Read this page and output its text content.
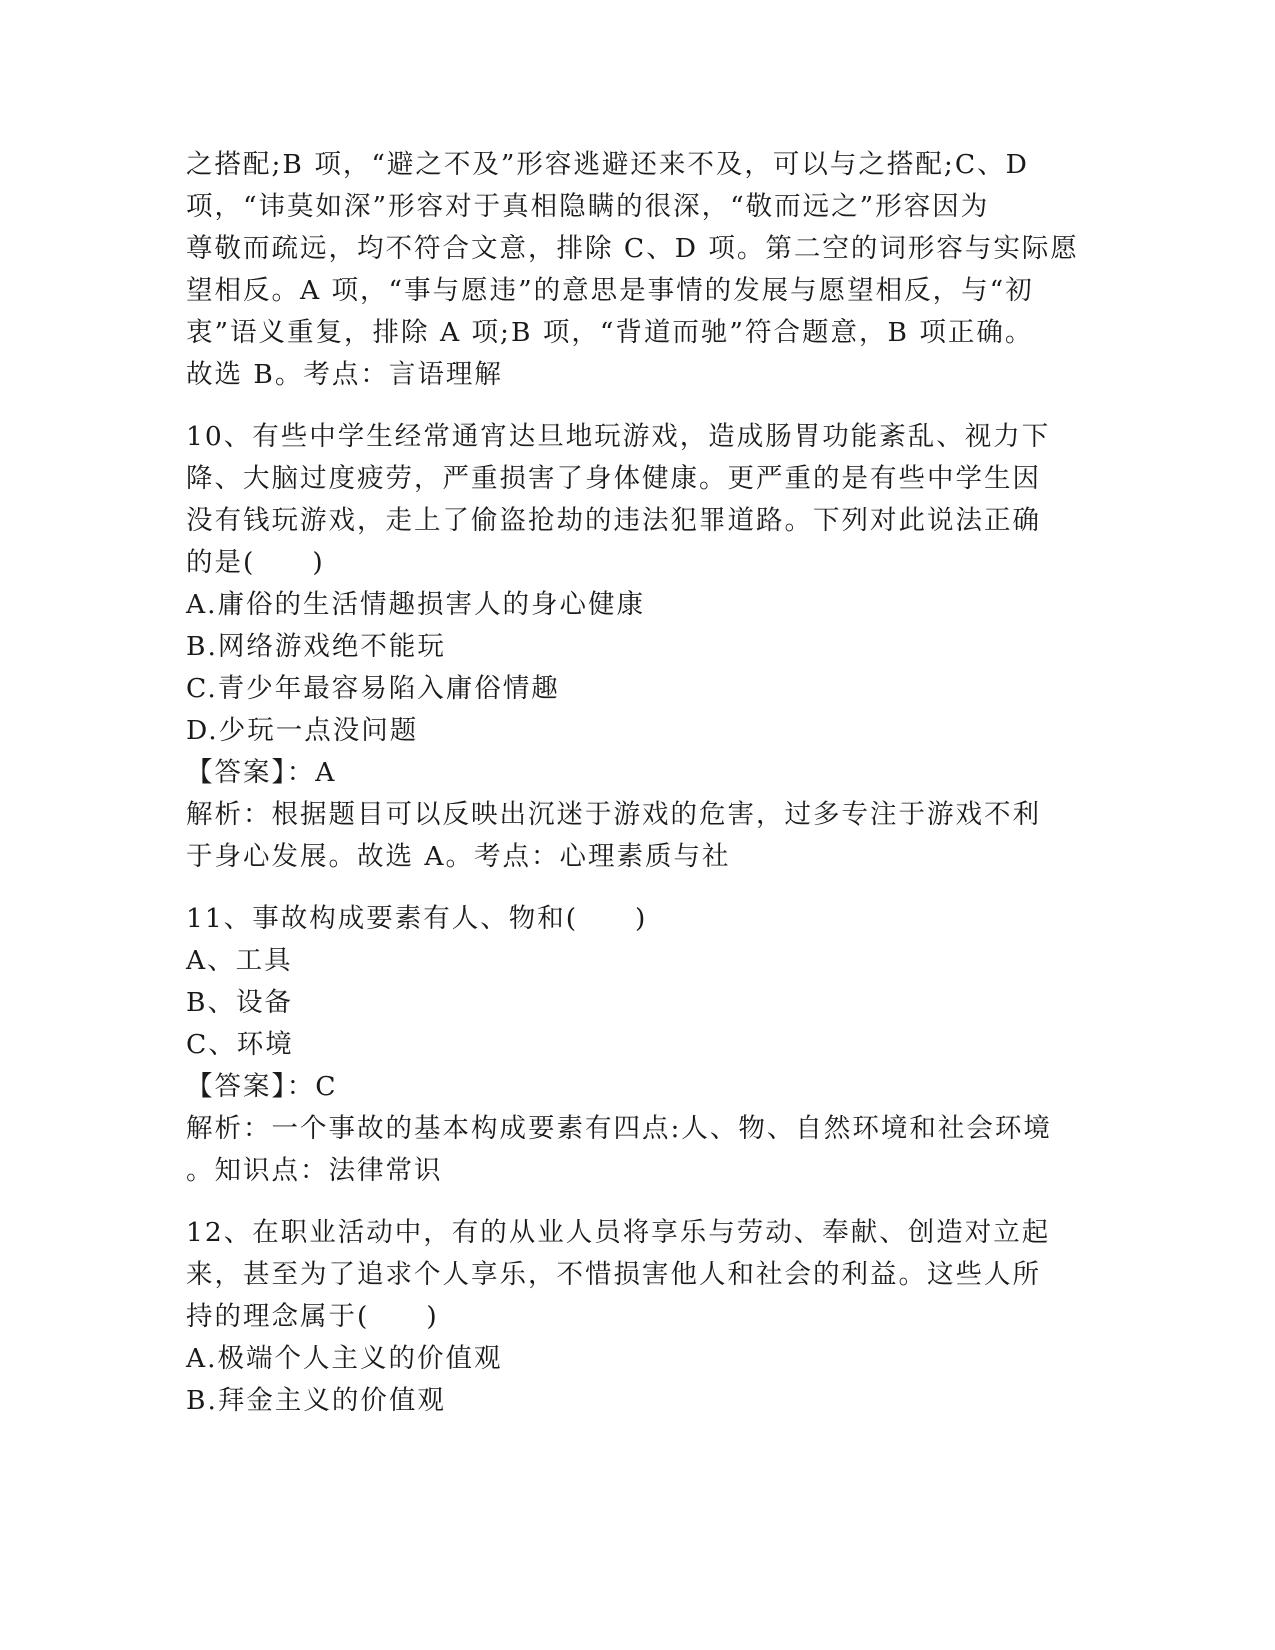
之搭配;B 项，“避之不及”形容逃避还来不及，可以与之搭配;C、D
项，“讳莫如深”形容对于真相隐瞒的很深，“敬而远之”形容因为
尊敬而疏远，均不符合文意，排除 C、D 项。第二空的词形容与实际愿
望相反。A 项，“事与愿违”的意思是事情的发展与愿望相反，与“初
衷”语义重复，排除 A 项;B 项，“背道而驰”符合题意，B 项正确。
故选 B。考点：言语理解
10、有些中学生经常通宵达旦地玩游戏，造成肠胃功能紊乱、视力下
降、大脑过度疲劳，严重损害了身体健康。更严重的是有些中学生因
没有钱玩游戏，走上了偷盗抢劫的违法犯罪道路。下列对此说法正确
的是(　　)
A.庸俗的生活情趣损害人的身心健康
B.网络游戏绝不能玩
C.青少年最容易陷入庸俗情趣
D.少玩一点没问题
【答案】：A
解析：根据题目可以反映出沉迷于游戏的危害，过多专注于游戏不利
于身心发展。故选 A。考点：心理素质与社
11、事故构成要素有人、物和(　　)
A、工具
B、设备
C、环境
【答案】：C
解析：一个事故的基本构成要素有四点:人、物、自然环境和社会环境
。知识点：法律常识
12、在职业活动中，有的从业人员将享乐与劳动、奉献、创造对立起
来，甚至为了追求个人享乐，不惜损害他人和社会的利益。这些人所
持的理念属于(　　)
A.极端个人主义的价值观
B.拜金主义的价值观
